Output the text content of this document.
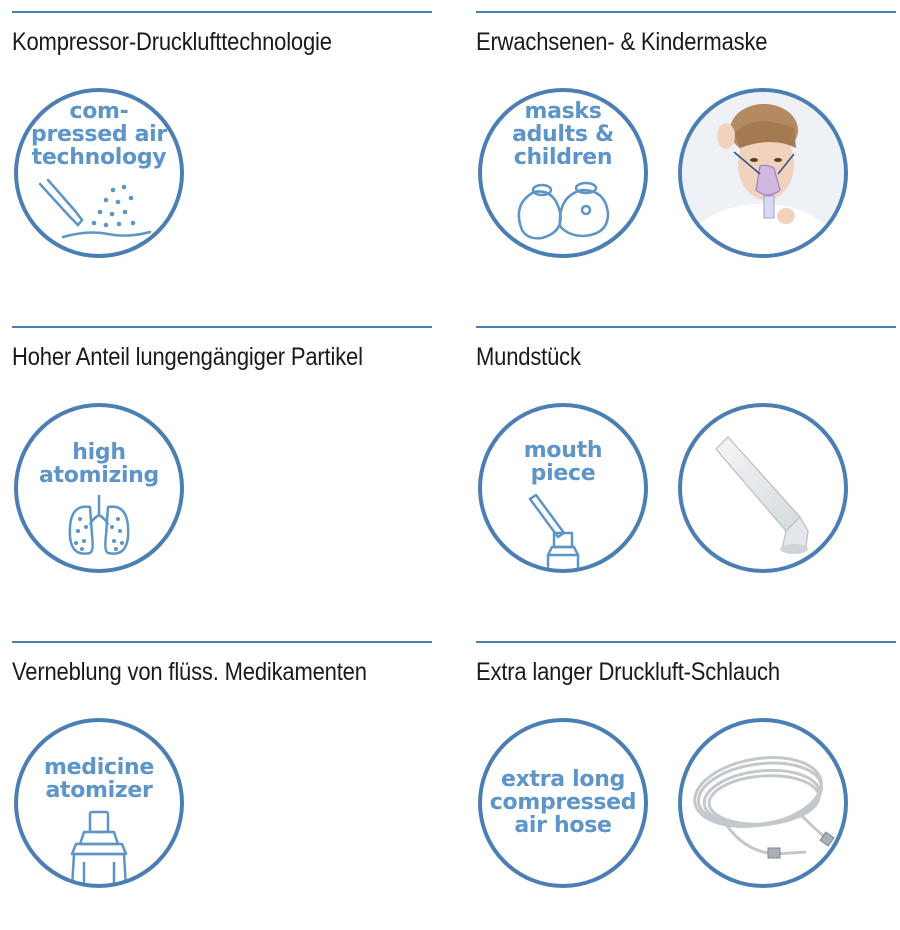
Kompressor-Drucklufttechnologie
com-
pressed air
technology
Erwachsenen- & Kindermaske
masks
adults &
children
Hoher Anteil lungengängiger Partikel
high
atomizing
Mundstück
mouth
piece
Verneblung von flüss. Medikamenten
medicine
atomizer
Extra langer Druckluft-Schlauch
extra long
compressed
air hose
